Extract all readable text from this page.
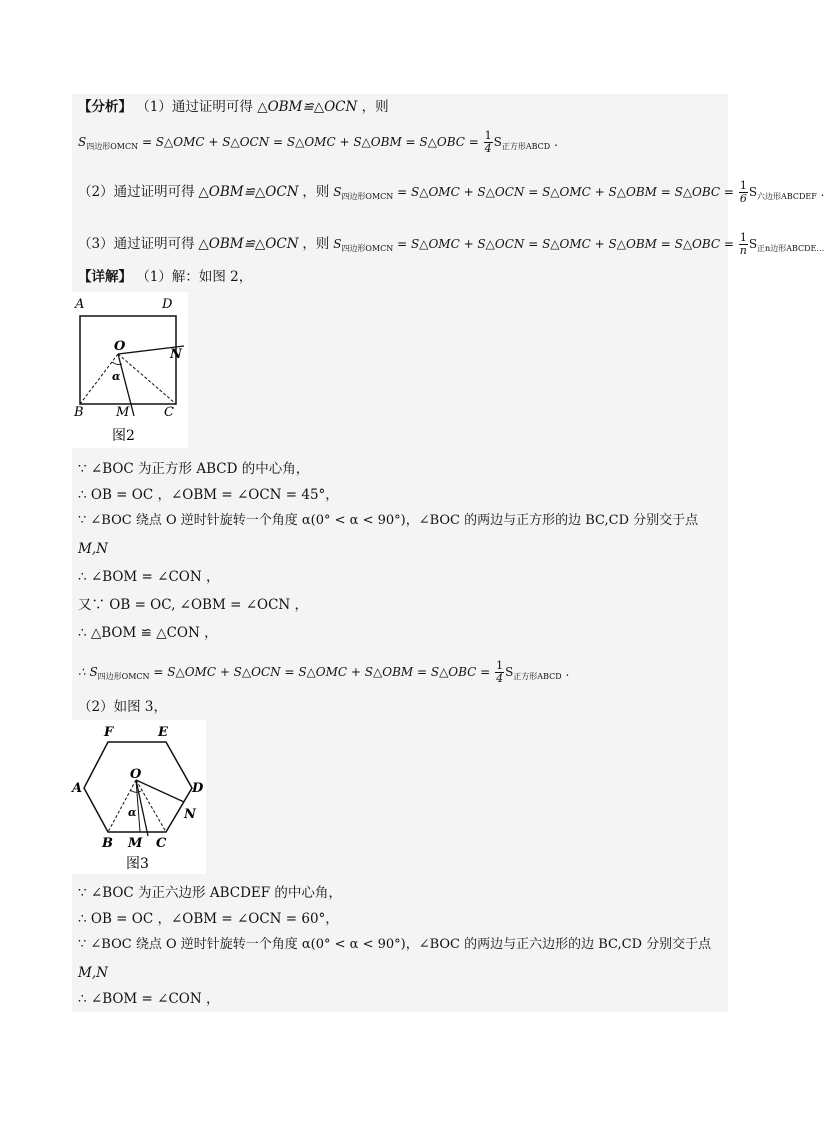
【分析】 （1）通过证明可得 △OBM≌△OCN ，则
$S_{四边形OMCN}$ = S△OMC + S△OCN = S△OMC + S△OBM = S△OBC = $\frac{1}{4} S_{正方形ABCD}$ .
（2）通过证明可得 △OBM≌△OCN ，则 $S_{四边形OMCN}$ = S△OMC + S△OCN = S△OMC + S△OBM = S△OBC = $\frac{1}{6} S_{六边形ABCDEF}$
（3）通过证明可得 △OBM≌△OCN ，则 $S_{四边形OMCN}$ = S△OMC + S△OCN = S△OMC + S△OBM = S△OBC = $\frac{1}{n} S_{正n边形ABCDE\dots}$
【详解】 （1）解：如图 2，
A	D
O
N
α
B M	C
图2
∵ ∠BOC 为正方形 ABCD 的中心角，
∴ OB = OC ，∠OBM = ∠OCN = 45°，
∵ ∠BOC 绕点 O 逆时针旋转一个角度 α(0° < α < 90°)，∠BOC 的两边与正方形的边 BC,CD 分别交于点
M,N
∴ ∠BOM = ∠CON ，
又∵ OB = OC, ∠OBM = ∠OCN ，
∴ △BOM ≌ △CON ，
∴ $S_{四边形OMCN}$ = S△OMC + S△OCN = S△OMC + S△OBM = S△OBC = $\frac{1}{4} S_{正方形ABCD}$ .
（2）如图 3，
F	E
A
O
D
α	N
B M C
图3
∵ ∠BOC 为正六边形 ABCDEF 的中心角，
∴ OB = OC ，∠OBM = ∠OCN = 60°，
∵ ∠BOC 绕点 O 逆时针旋转一个角度 α(0° < α < 90°)，∠BOC 的两边与正六边形的边 BC,CD 分别交于点
M,N
∴ ∠BOM = ∠CON ，
